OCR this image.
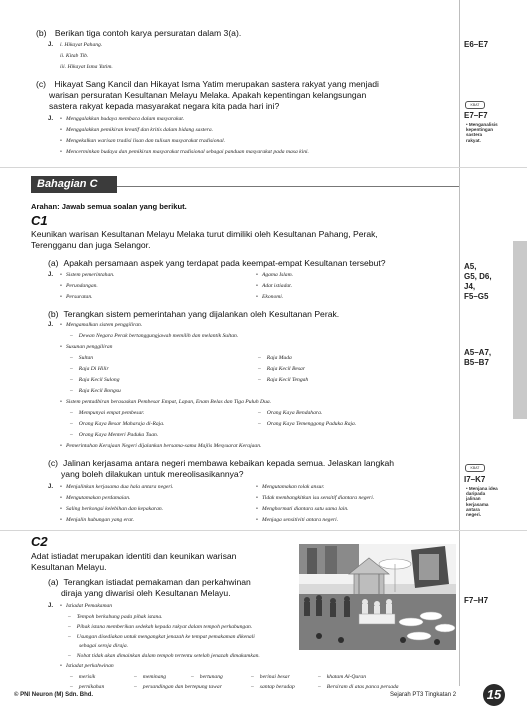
(b) Berikan tiga contoh karya persuratan dalam 3(a).
J. i. Hikayat Pahang.
ii. Kitab Tib.
iii. Hikayat Isma Yatim.
E6–E7
(c) Hikayat Sang Kancil dan Hikayat Isma Yatim merupakan sastera rakyat yang menjadi
warisan persuratan Kesultanan Melayu Melaka. Apakah kepentingan kelangsungan
sastera rakyat kepada masyarakat negara kita pada hari ini?
J.	• Menggalakkan budaya membaca dalam masyarakat.
• Menggalakkan pemikiran kreatif dan kritis dalam bidang sastera.
• Mengekalkan warisan tradisi lisan dan tulisan masyarakat tradisional.
• Mencerminkan budaya dan pemikiran masyarakat tradisional sebagai panduan masyarakat pada masa kini.
KBAT
E7–F7
• Menganalisis
kepentingan
sastera
rakyat.
Bahagian C
Arahan: Jawab semua soalan yang berikut.
C1
Keunikan warisan Kesultanan Melayu Melaka turut dimiliki oleh Kesultanan Pahang, Perak,
Terengganu dan juga Selangor.
(a) Apakah persamaan aspek yang terdapat pada keempat-empat Kesultanan tersebut?
J.	• Sistem pemerintahan.
• Perundangan.
• Persuratan.
• Agama Islam.
• Adat istiadat.
• Ekonomi.
A5,
G5, D6,
J4,
F5–G5
(b) Terangkan sistem pemerintahan yang dijalankan oleh Kesultanan Perak.
J.	• Mengamalkan sistem penggiliran.
– Dewan Negara Perak bertanggungjawab memilih dan melantik Sultan.
• Susunan penggiliran
– Sultan
– Raja Di Hilir
– Raja Kecil Sulong
– Raja Kecil Bongsu
– Raja Muda
– Raja Kecil Besar
– Raja Kecil Tengah
• Sistem pentadbiran berasaskan Pembesar Empat, Lapan, Enam Belas dan Tiga Puluh Dua.
– Mempunyai empat pembesar.
– Orang Kaya Besar Maharaja di-Raja.
– Orang Kaya Menteri Paduka Tuan.
– Orang Kaya Bendahara.
– Orang Kaya Temenggong Paduka Raja.
• Pemerintahan Kerajaan Negeri dijalankan bersama-sama Majlis Mesyuarat Kerajaan.
A5–A7,
B5–B7
(c) Jalinan kerjasama antara negeri membawa kebaikan kepada semua. Jelaskan langkah
yang boleh dilakukan untuk mereolisasikannya?
J.	• Menjalinkan kerjasama dua hala antara negeri.
• Mengutamakan perdamaian.
• Saling berkongsi kelebihan dan kepakaran.
• Menjalin hubungan yang erat.
• Mengutamakan tolak ansur.
• Tidak membangkitkan isu sensitif diantara negeri.
• Menghormati diantara satu sama lain.
• Menjaga sensitiviti antara negeri.
KBAT
I7–K7
• Menjana idea
daripada
jalinan
kerjasama
antara
negeri.
C2
Adat istiadat merupakan identiti dan keunikan warisan
Kesultanan Melayu.
(a) Terangkan istiadat pemakaman dan perkahwinan
diraja yang diwarisi oleh Kesultanan Melayu.
F7–H7
J.	• Istiadat Pemakaman
– Tempoh berkabung pada pihak istana.
– Pihak istana memberikan sedekah kepada rakyat dalam tempoh perkabungan.
– Usungan disediakan untuk mengangkat jenazah ke tempat pemakaman dikenali
sebagai seroja diraja.
– Nobat tidak akan dimainkan dalam tempoh tertentu setelah jenazah dimakamkan.
• Istiadat perkahwinan
– merisik	– meminang	– bertunang	– berinai besar	– khatam Al-Quran
– pernikahan	– persandingan dan bertepung tawar	– santap beradap	– Bersiram di atas panca persada
© PNI Neuron (M) Sdn. Bhd.	Sejarah PT3 Tingkatan 2 15
